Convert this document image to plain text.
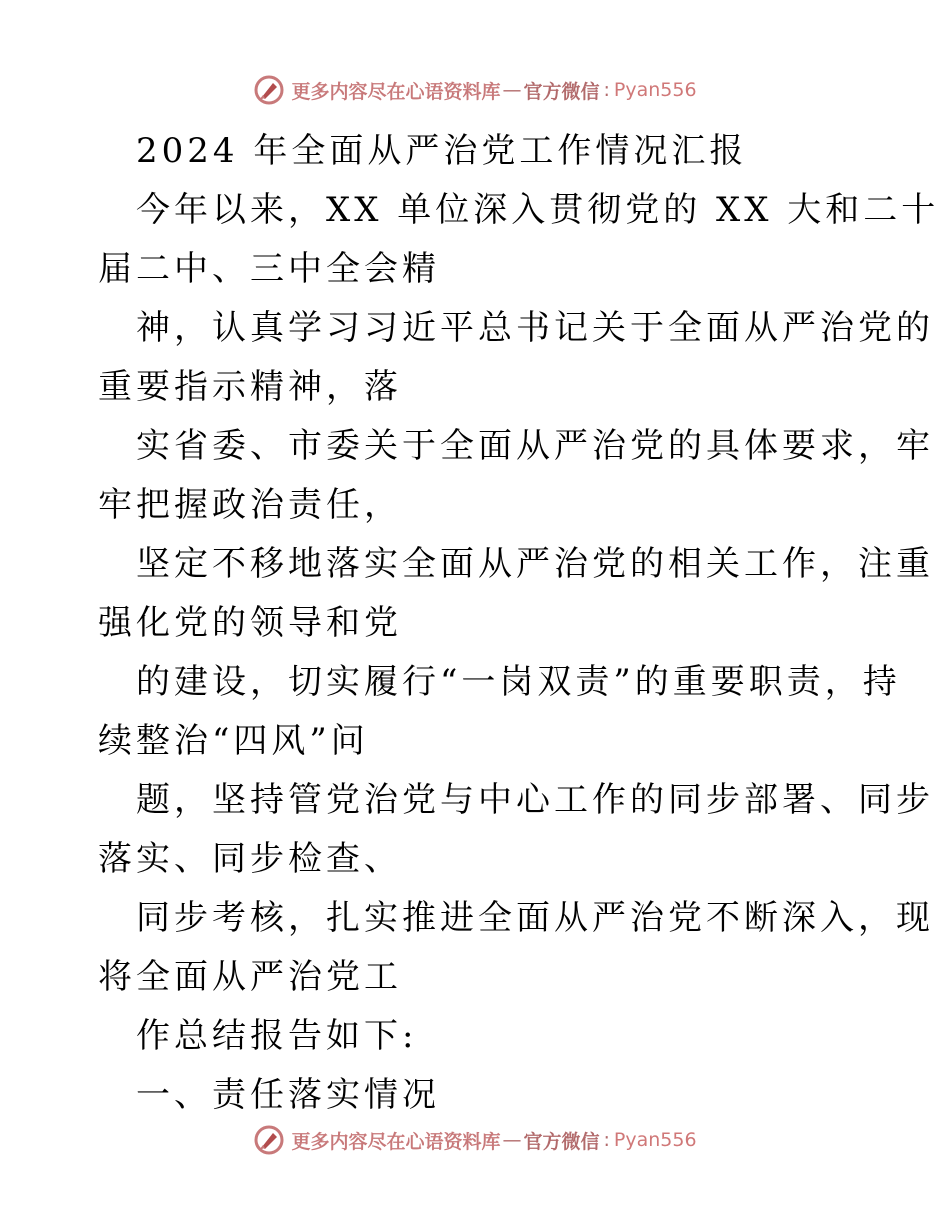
更多内容尽在心语资料库 — 官方微信 : Pyan556
2024 年全面从严治党工作情况汇报
今年以来，XX 单位深入贯彻党的 XX 大和二十
届二中、三中全会精
神，认真学习习近平总书记关于全面从严治党的
重要指示精神，落
实省委、市委关于全面从严治党的具体要求，牢
牢把握政治责任，
坚定不移地落实全面从严治党的相关工作，注重
强化党的领导和党
的建设，切实履行“一岗双责”的重要职责，持
续整治“四风”问
题，坚持管党治党与中心工作的同步部署、同步
落实、同步检查、
同步考核，扎实推进全面从严治党不断深入，现
将全面从严治党工
作总结报告如下:
一、责任落实情况
更多内容尽在心语资料库 — 官方微信 : Pyan556
